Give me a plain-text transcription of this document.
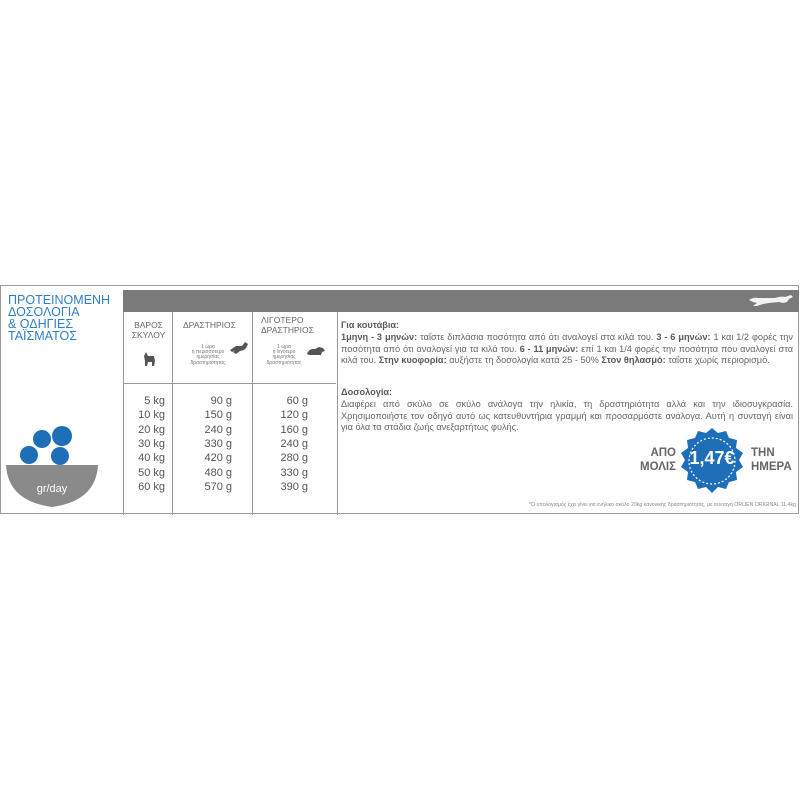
ΠΡΟΤΕΙΝΟΜΕΝΗ
ΔΟΣΟΛΟΓΙΑ
& ΟΔΗΓΙΕΣ
ΤΑΪΣΜΑΤΟΣ
gr/day
ΒΑΡΟΣ
ΣΚΥΛΟΥ
ΔΡΑΣΤΗΡΙΟΣ
1 ώρα
ή περισσότερο
ημερήσιας
δραστηριότητας
ΛΙΓΟΤΕΡΟ
ΔΡΑΣΤΗΡΙΟΣ
1 ώρα
ή λιγότερο
ημερήσιας
δραστηριότητας
5 kg	90 g	60 g
10 kg	150 g	120 g
20 kg	240 g	160 g
30 kg	330 g	240 g
40 kg	420 g	280 g
50 kg	480 g	330 g
60 kg	570 g	390 g
Για κουτάβια:
1μηνη - 3 μηνών: ταΐστε διπλάσια ποσότητα από ότι αναλογεί στα κιλά του. 3 - 6 μηνών: 1 και 1/2 φορές την ποσότητα από ότι αναλογεί για τα κιλά του. 6 - 11 μηνών: επί 1 και 1/4 φορές την ποσότητα που αναλογεί στα κιλά του. Στην κυοφορία: αυξήστε τη δοσολογία κατά 25 - 50% Στον θηλασμό: ταΐστε χωρίς περιορισμό.
Δοσολογία:
Διαφέρει από σκύλο σε σκύλο ανάλογα την ηλικία, τη δραστηριότητα αλλά και την ιδιοσυγκρασία. Χρησιμοποιήστε τον οδηγό αυτό ως κατευθυντήρια γραμμή και προσαρμόστε ανάλογα. Αυτή η συνταγή είναι για όλα τα στάδια ζωής ανεξαρτήτως φυλής.
ΑΠΟ
ΜΟΛΙΣ 1,47€	ΤΗΝ
ΗΜΕΡΑ
*Ο υπολογισμός έχει γίνει για ενήλικο σκύλο 20kg κανονικής δραστηριότητας, με συνταγή ORIJEN ORIGINAL 11,4kg
